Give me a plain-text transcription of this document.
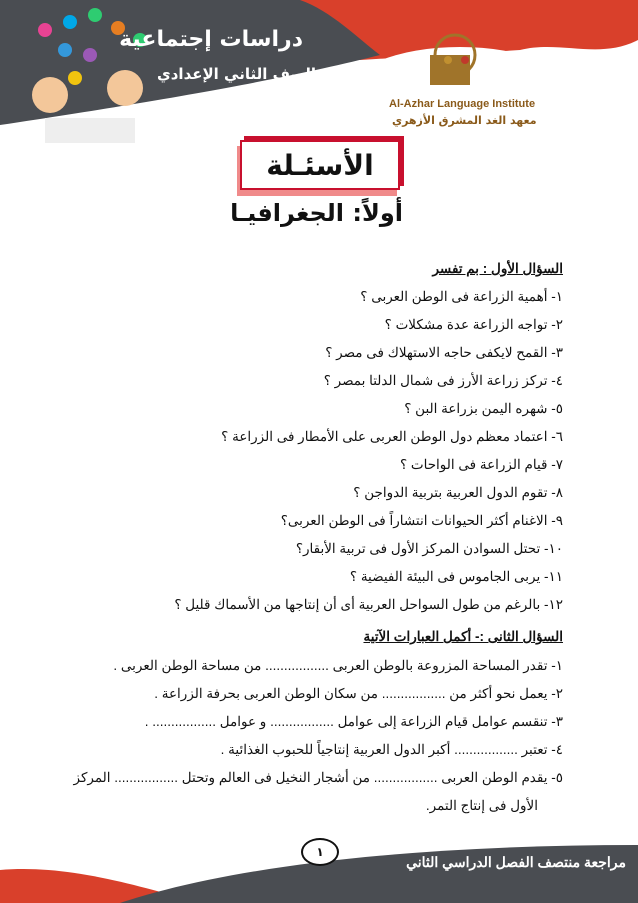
دراسات إجتماعية
الصف الثاني الإعدادي
Al-Azhar Language Institute
معهد الغد المشرق الأزهري
الأسئـلة
أولاً: الجغرافيـا
السؤال الأول : بم تفسر
١- أهمية الزراعة فى الوطن العربى ؟
٢- تواجه الزراعة عدة مشكلات ؟
٣- القمح لايكفى حاجه الاستهلاك فى مصر ؟
٤- تركز زراعة الأرز فى شمال الدلتا بمصر ؟
٥- شهره اليمن بزراعة البن ؟
٦- اعتماد معظم دول الوطن العربى على الأمطار فى الزراعة ؟
٧- قيام الزراعة فى الواحات ؟
٨- تقوم الدول العربية بتربية الدواجن ؟
٩- الاغنام أكثر الحيوانات انتشاراً فى الوطن العربى؟
١٠- تحتل السوادن المركز الأول فى تربية الأبقار؟
١١- يربى الجاموس فى البيئة الفيضية ؟
١٢- بالرغم من طول السواحل العربية أى أن إنتاجها من الأسماك قليل ؟
السؤال الثانى :- أكمل العبارات الآتية
١- تقدر المساحة المزروعة بالوطن العربى ................. من مساحة الوطن العربى .
٢- يعمل نحو أكثر من ................. من سكان الوطن العربى بحرفة الزراعة .
٣- تنقسم عوامل قيام الزراعة إلى عوامل ................. و عوامل ................. .
٤- تعتبر ................. أكبر الدول العربية إنتاجياً للحبوب الغذائية .
٥- يقدم الوطن العربى ................. من أشجار النخيل فى العالم وتحتل ................. المركز
الأول فى إنتاج التمر.
١
مراجعة منتصف الفصل الدراسي الثاني
